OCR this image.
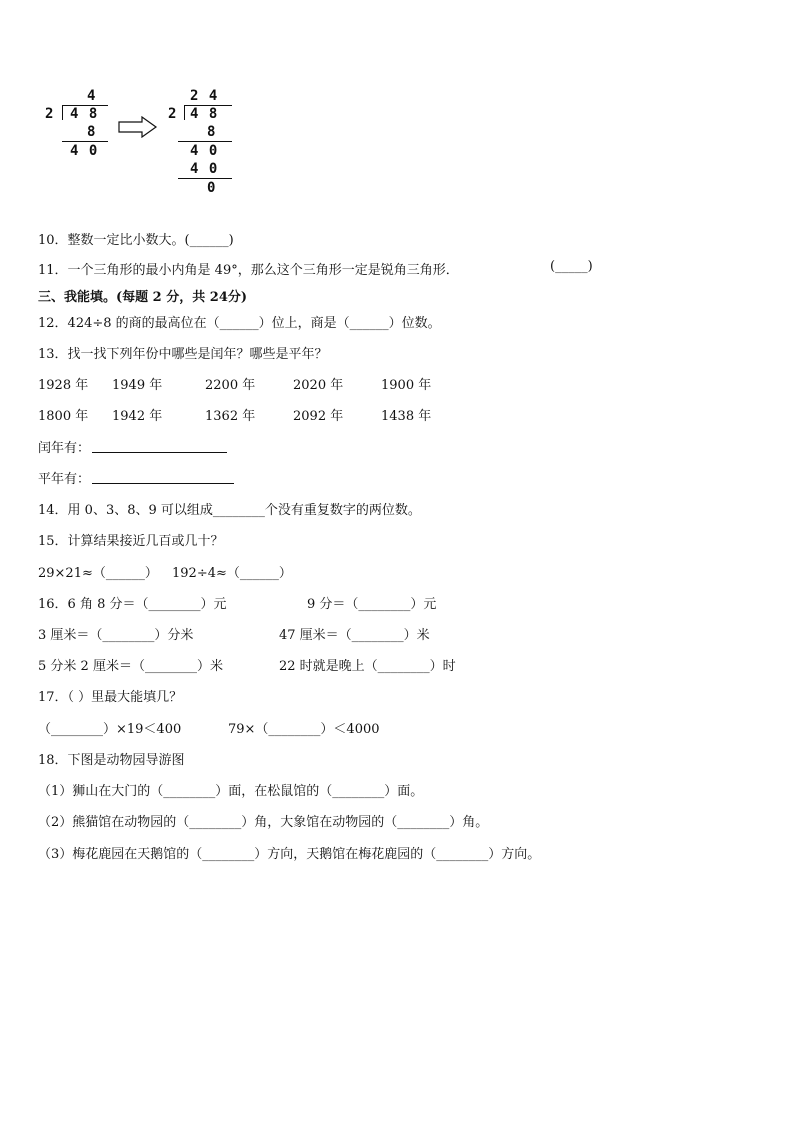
4
2 4 8
8
4 0
2 4
2 4 8
8
4 0
4 0
0
10．整数一定比小数大。(______)
11．一个三角形的最小内角是 49°，那么这个三角形一定是锐角三角形．	(_____)
三、我能填。(每题 2 分，共 24分)
12．424÷8 的商的最高位在（______）位上，商是（______）位数。
13．找一找下列年份中哪些是闰年？哪些是平年？
1928 年 1949 年	2200 年	2020 年	1900 年
1800 年 1942 年	1362 年	2092 年	1438 年
闰年有：
平年有：
14．用 0、3、8、9 可以组成________个没有重复数字的两位数。
15．计算结果接近几百或几十？
29×21≈（______） 192÷4≈（______）
16．6 角 8 分＝（________）元	9 分＝（________）元
3 厘米＝（________）分米	47 厘米＝（________）米
5 分米 2 厘米＝（________）米	22 时就是晚上（________）时
17．（ ）里最大能填几？
（________）×19＜400	79×（________）＜4000
18．下图是动物园导游图
（1）狮山在大门的（________）面，在松鼠馆的（________）面。
（2）熊猫馆在动物园的（________）角，大象馆在动物园的（________）角。
（3）梅花鹿园在天鹅馆的（________）方向，天鹅馆在梅花鹿园的（________）方向。
